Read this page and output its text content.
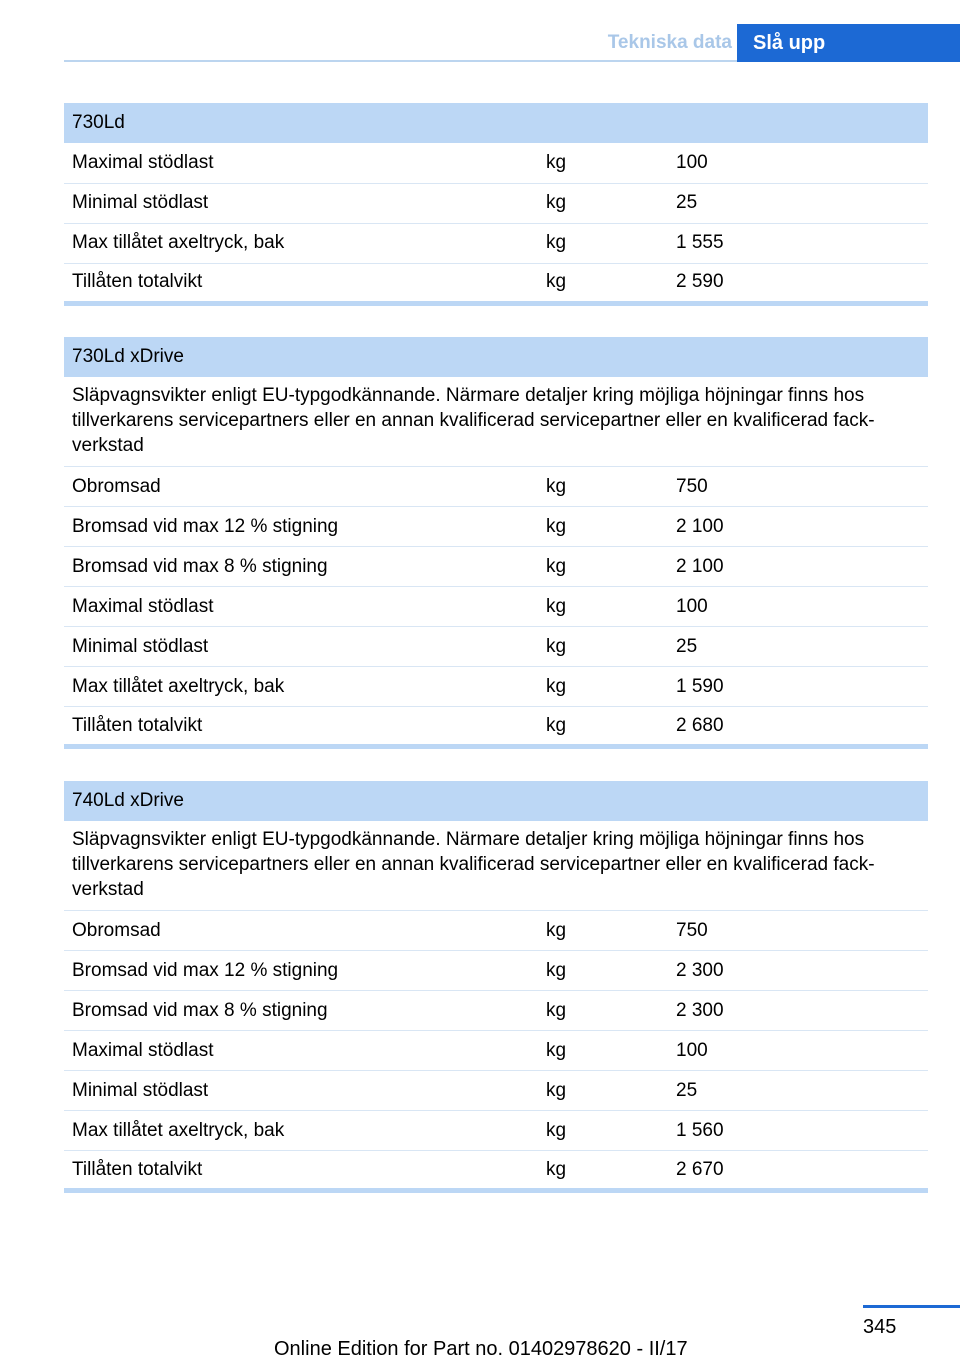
Tekniska data	Slå upp
730Ld		
Maximal stödlast	kg	100
Minimal stödlast	kg	25
Max tillåtet axeltryck, bak	kg	1 555
Tillåten totalvikt	kg	2 590
730Ld xDrive		
Släpvagnsvikter enligt EU-typgodkännande. Närmare detaljer kring möjliga höjningar finns hos tillverkarens servicepartners eller en annan kvalificerad servicepartner eller en kvalificerad fack-verkstad		
Obromsad	kg	750
Bromsad vid max 12 % stigning	kg	2 100
Bromsad vid max 8 % stigning	kg	2 100
Maximal stödlast	kg	100
Minimal stödlast	kg	25
Max tillåtet axeltryck, bak	kg	1 590
Tillåten totalvikt	kg	2 680
740Ld xDrive		
Släpvagnsvikter enligt EU-typgodkännande. Närmare detaljer kring möjliga höjningar finns hos tillverkarens servicepartners eller en annan kvalificerad servicepartner eller en kvalificerad fack-verkstad		
Obromsad	kg	750
Bromsad vid max 12 % stigning	kg	2 300
Bromsad vid max 8 % stigning	kg	2 300
Maximal stödlast	kg	100
Minimal stödlast	kg	25
Max tillåtet axeltryck, bak	kg	1 560
Tillåten totalvikt	kg	2 670
345
Online Edition for Part no. 01402978620 - II/17
